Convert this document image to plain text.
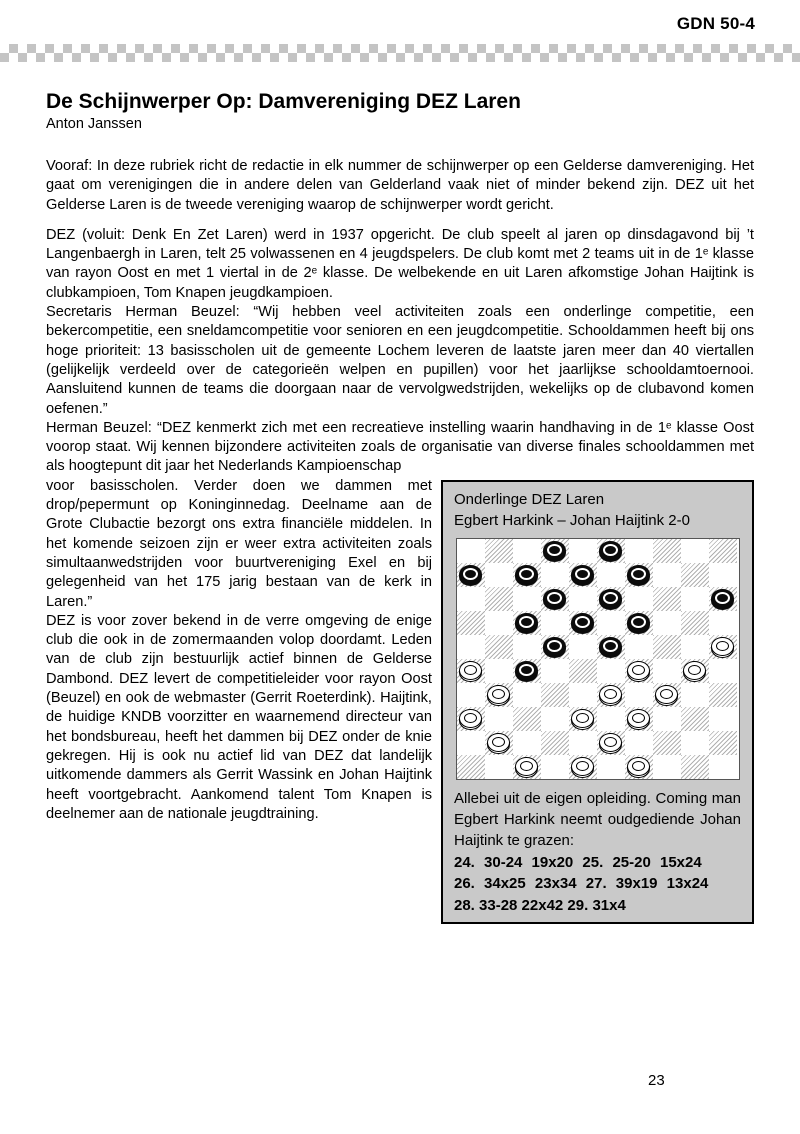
GDN 50-4
De Schijnwerper Op: Damvereniging DEZ Laren
Anton Janssen

Vooraf: In deze rubriek richt de redactie in elk nummer de schijnwerper op een Gelderse damvereniging. Het gaat om verenigingen die in andere delen van Gelderland vaak niet of minder bekend zijn. DEZ uit het Gelderse Laren is de tweede vereniging waarop de schijnwerper wordt gericht.

DEZ (voluit: Denk En Zet Laren) werd in 1937 opgericht. De club speelt al jaren op dinsdagavond bij ’t Langenbaergh in Laren, telt 25 volwassenen en 4 jeugdspelers. De club komt met 2 teams uit in de 1ᵉ klasse van rayon Oost en met 1 viertal in de 2ᵉ klasse. De welbekende en uit Laren afkomstige Johan Haijtink is clubkampioen, Tom Knapen jeugdkampioen.

Secretaris Herman Beuzel: “Wij hebben veel activiteiten zoals een onderlinge competitie, een bekercompetitie, een sneldamcompetitie voor senioren en een jeugdcompetitie. Schooldammen heeft bij ons hoge prioriteit: 13 basisscholen uit de gemeente Lochem leveren de laatste jaren meer dan 40 viertallen (gelijkelijk verdeeld over de categorieën welpen en pupillen) voor het jaarlijkse schooldamtoernooi. Aansluitend kunnen de teams die doorgaan naar de vervolgwedstrijden, wekelijks op de clubavond komen oefenen.”

Herman Beuzel: “DEZ kenmerkt zich met een recreatieve instelling waarin handhaving in de 1ᵉ klasse Oost voorop staat. Wij kennen bijzondere activiteiten zoals de organisatie van diverse finales schooldammen met als hoogtepunt dit jaar het Nederlands Kampioenschap

Onderlinge DEZ Laren
Egbert Harkink – Johan Haijtink 2-0

Allebei uit de eigen opleiding. Coming man Egbert Harkink neemt oudgediende Johan Haijtink te grazen:

24. 30-24 19x20 25. 25-20 15x24
26. 34x25 23x34 27. 39x19 13x24
28. 33-28 22x42 29. 31x4

voor basisscholen. Verder doen we dammen met drop/pepermunt op Koninginnedag. Deelname aan de Grote Clubactie bezorgt ons extra financiële middelen. In het komende seizoen zijn er weer extra activiteiten zoals simultaanwedstrijden voor buurtvereniging Exel en bij gelegenheid van het 175 jarig bestaan van de kerk in Laren.”

DEZ is voor zover bekend in de verre omgeving de enige club die ook in de zomermaanden volop doordamt. Leden van de club zijn bestuurlijk actief binnen de Gelderse Dambond. DEZ levert de competitieleider voor rayon Oost (Beuzel) en ook de webmaster (Gerrit Roeterdink). Haijtink, de huidige KNDB voorzitter en waarnemend directeur van het bondsbureau, heeft het dammen bij DEZ onder de knie gekregen. Hij is ook nu actief lid van DEZ dat landelijk uitkomende dammers als Gerrit Wassink en Johan Haijtink heeft voortgebracht. Aankomend talent Tom Knapen is deelnemer aan de nationale jeugdtraining.

23
